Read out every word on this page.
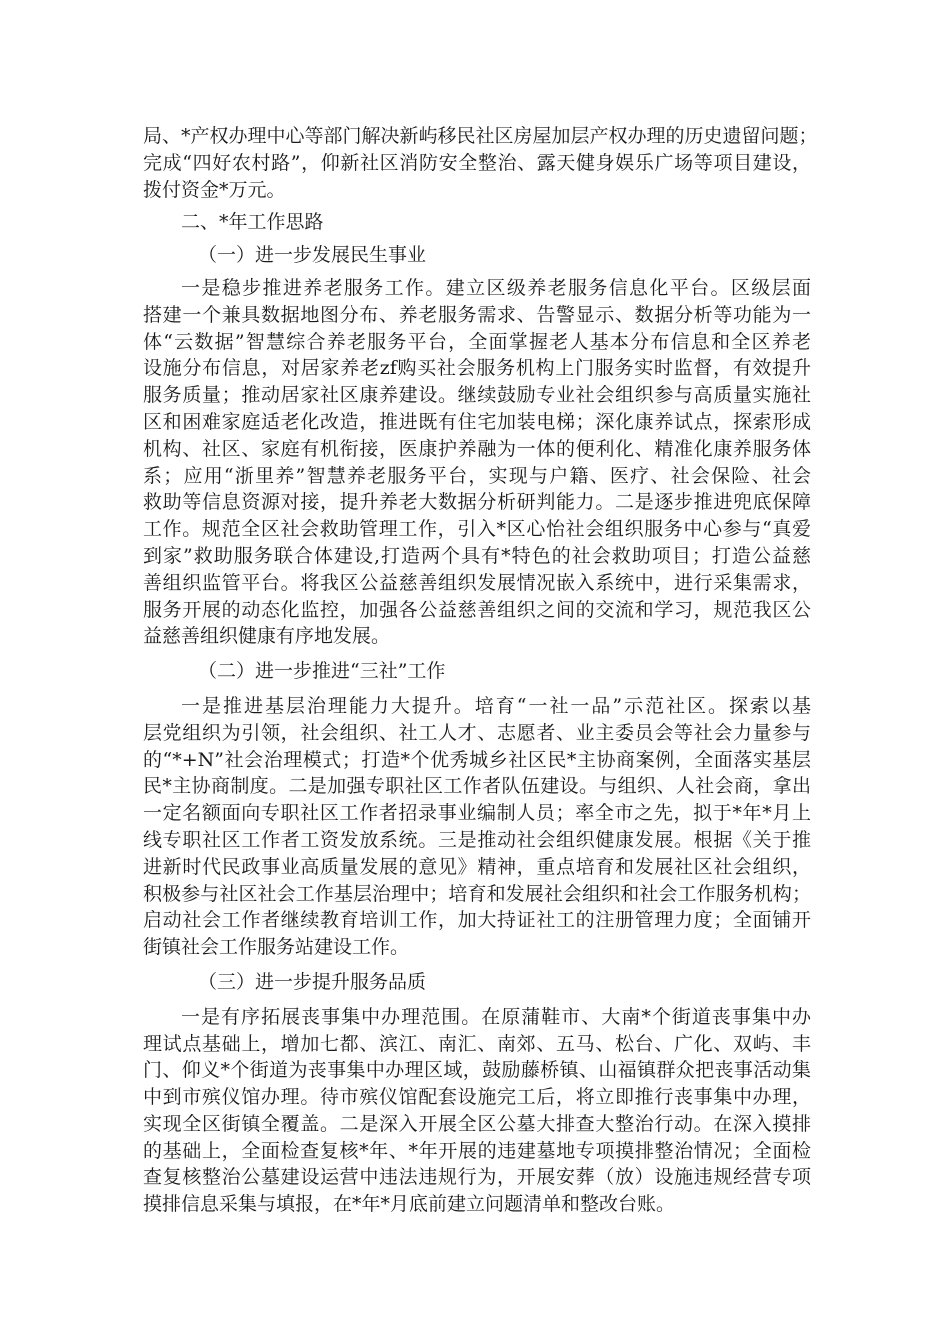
局、*产权办理中心等部门解决新屿移民社区房屋加层产权办理的历史遗留问题；
完成“四好农村路”，仰新社区消防安全整治、露天健身娱乐广场等项目建设，
拨付资金*万元。
二、*年工作思路
（一）进一步发展民生事业
一是稳步推进养老服务工作。建立区级养老服务信息化平台。区级层面
搭建一个兼具数据地图分布、养老服务需求、告警显示、数据分析等功能为一
体“云数据”智慧综合养老服务平台，全面掌握老人基本分布信息和全区养老
设施分布信息，对居家养老zf购买社会服务机构上门服务实时监督，有效提升
服务质量；推动居家社区康养建设。继续鼓励专业社会组织参与高质量实施社
区和困难家庭适老化改造，推进既有住宅加装电梯；深化康养试点，探索形成
机构、社区、家庭有机衔接，医康护养融为一体的便利化、精准化康养服务体
系；应用“浙里养”智慧养老服务平台，实现与户籍、医疗、社会保险、社会
救助等信息资源对接，提升养老大数据分析研判能力。二是逐步推进兜底保障
工作。规范全区社会救助管理工作，引入*区心怡社会组织服务中心参与“真爱
到家”救助服务联合体建设,打造两个具有*特色的社会救助项目；打造公益慈
善组织监管平台。将我区公益慈善组织发展情况嵌入系统中，进行采集需求，
服务开展的动态化监控，加强各公益慈善组织之间的交流和学习，规范我区公
益慈善组织健康有序地发展。
（二）进一步推进“三社”工作
一是推进基层治理能力大提升。培育“一社一品”示范社区。探索以基
层党组织为引领，社会组织、社工人才、志愿者、业主委员会等社会力量参与
的“*+N”社会治理模式；打造*个优秀城乡社区民*主协商案例，全面落实基层
民*主协商制度。二是加强专职社区工作者队伍建设。与组织、人社会商，拿出
一定名额面向专职社区工作者招录事业编制人员；率全市之先，拟于*年*月上
线专职社区工作者工资发放系统。三是推动社会组织健康发展。根据《关于推
进新时代民政事业高质量发展的意见》精神，重点培育和发展社区社会组织，
积极参与社区社会工作基层治理中；培育和发展社会组织和社会工作服务机构；
启动社会工作者继续教育培训工作，加大持证社工的注册管理力度；全面铺开
街镇社会工作服务站建设工作。
（三）进一步提升服务品质
一是有序拓展丧事集中办理范围。在原蒲鞋市、大南*个街道丧事集中办
理试点基础上，增加七都、滨江、南汇、南郊、五马、松台、广化、双屿、丰
门、仰义*个街道为丧事集中办理区域，鼓励藤桥镇、山福镇群众把丧事活动集
中到市殡仪馆办理。待市殡仪馆配套设施完工后，将立即推行丧事集中办理，
实现全区街镇全覆盖。二是深入开展全区公墓大排查大整治行动。在深入摸排
的基础上，全面检查复核*年、*年开展的违建墓地专项摸排整治情况；全面检
查复核整治公墓建设运营中违法违规行为，开展安葬（放）设施违规经营专项
摸排信息采集与填报，在*年*月底前建立问题清单和整改台账。
